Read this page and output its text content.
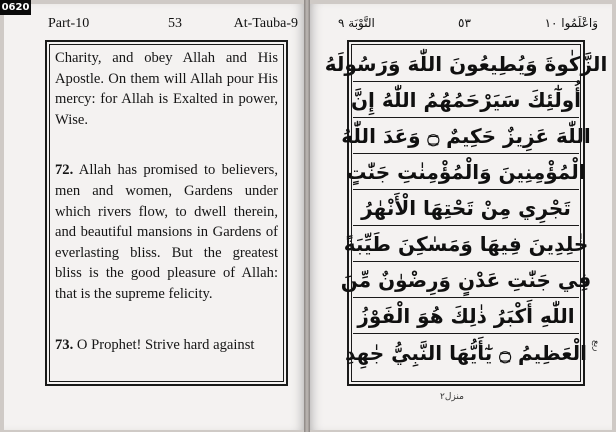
0620
Part-10	53	At-Tauba-9

Charity, and obey Allah and His Apostle. On them will Allah pour His mercy: for Allah is Exalted in power, Wise.

72. Allah has promised to believers, men and women, Gardens under which rivers flow, to dwell therein, and beautiful mansions in Gardens of everlasting bliss. But the greatest bliss is the good pleasure of Allah: that is the supreme felicity.

73. O Prophet! Strive hard against

وَاعْلَمُوا ١٠
٥٣
التَّوْبَة ٩
الزَّكٰوةَ وَيُطِيعُونَ اللّٰهَ وَرَسُولَهُ
أُولٰٓئِكَ سَيَرْحَمُهُمُ اللّٰهُ إِنَّ
اللّٰهَ عَزِيزٌ حَكِيمٌ ۝ وَعَدَ اللّٰهُ
الْمُؤْمِنِينَ وَالْمُؤْمِنٰتِ جَنّٰتٍ
تَجْرِي مِنْ تَحْتِهَا الْأَنْهٰرُ
خٰلِدِينَ فِيهَا وَمَسٰكِنَ طَيِّبَةً
فِي جَنّٰتِ عَدْنٍ وَرِضْوٰنٌ مِّنَ
اللّٰهِ أَكْبَرُ ذٰلِكَ هُوَ الْفَوْزُ
الْعَظِيمُ ۝ يٰٓأَيُّهَا النَّبِيُّ جٰهِدِ ربع
منزل٢
